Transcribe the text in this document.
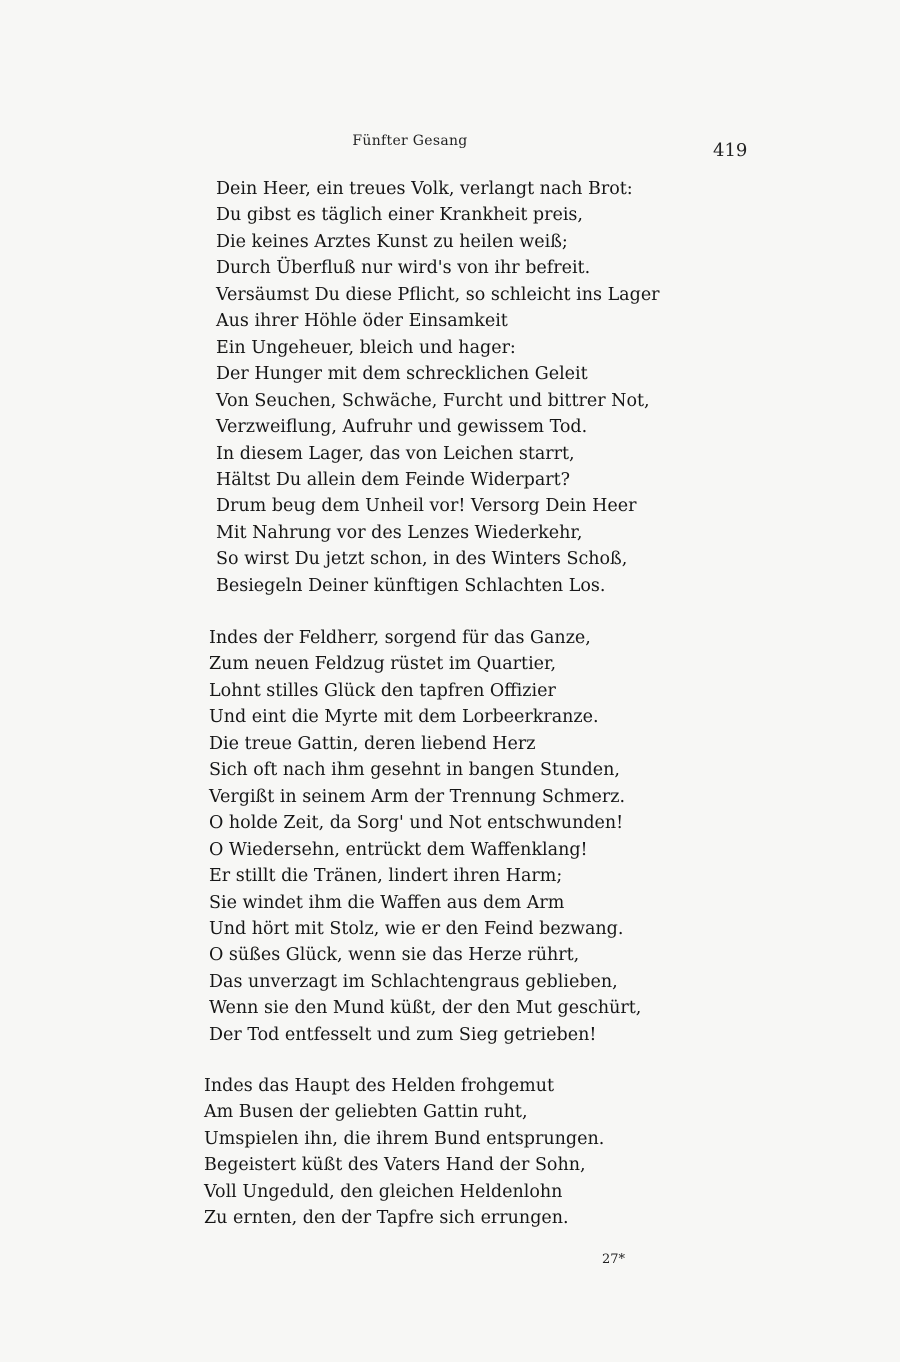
Fünfter Gesang	419
Dein Heer, ein treues Volk, verlangt nach Brot:
Du gibst es täglich einer Krankheit preis,
Die keines Arztes Kunst zu heilen weiß;
Durch Überfluß nur wird's von ihr befreit.
Versäumst Du diese Pflicht, so schleicht ins Lager
Aus ihrer Höhle öder Einsamkeit
Ein Ungeheuer, bleich und hager:
Der Hunger mit dem schrecklichen Geleit
Von Seuchen, Schwäche, Furcht und bittrer Not,
Verzweiflung, Aufruhr und gewissem Tod.
In diesem Lager, das von Leichen starrt,
Hältst Du allein dem Feinde Widerpart?
Drum beug dem Unheil vor! Versorg Dein Heer
Mit Nahrung vor des Lenzes Wiederkehr,
So wirst Du jetzt schon, in des Winters Schoß,
Besiegeln Deiner künftigen Schlachten Los.
Indes der Feldherr, sorgend für das Ganze,
Zum neuen Feldzug rüstet im Quartier,
Lohnt stilles Glück den tapfren Offizier
Und eint die Myrte mit dem Lorbeerkranze.
Die treue Gattin, deren liebend Herz
Sich oft nach ihm gesehnt in bangen Stunden,
Vergißt in seinem Arm der Trennung Schmerz.
O holde Zeit, da Sorg' und Not entschwunden!
O Wiedersehn, entrückt dem Waffenklang!
Er stillt die Tränen, lindert ihren Harm;
Sie windet ihm die Waffen aus dem Arm
Und hört mit Stolz, wie er den Feind bezwang.
O süßes Glück, wenn sie das Herze rührt,
Das unverzagt im Schlachtengraus geblieben,
Wenn sie den Mund küßt, der den Mut geschürt,
Der Tod entfesselt und zum Sieg getrieben!
Indes das Haupt des Helden frohgemut
Am Busen der geliebten Gattin ruht,
Umspielen ihn, die ihrem Bund entsprungen.
Begeistert küßt des Vaters Hand der Sohn,
Voll Ungeduld, den gleichen Heldenlohn
Zu ernten, den der Tapfre sich errungen.
27*
